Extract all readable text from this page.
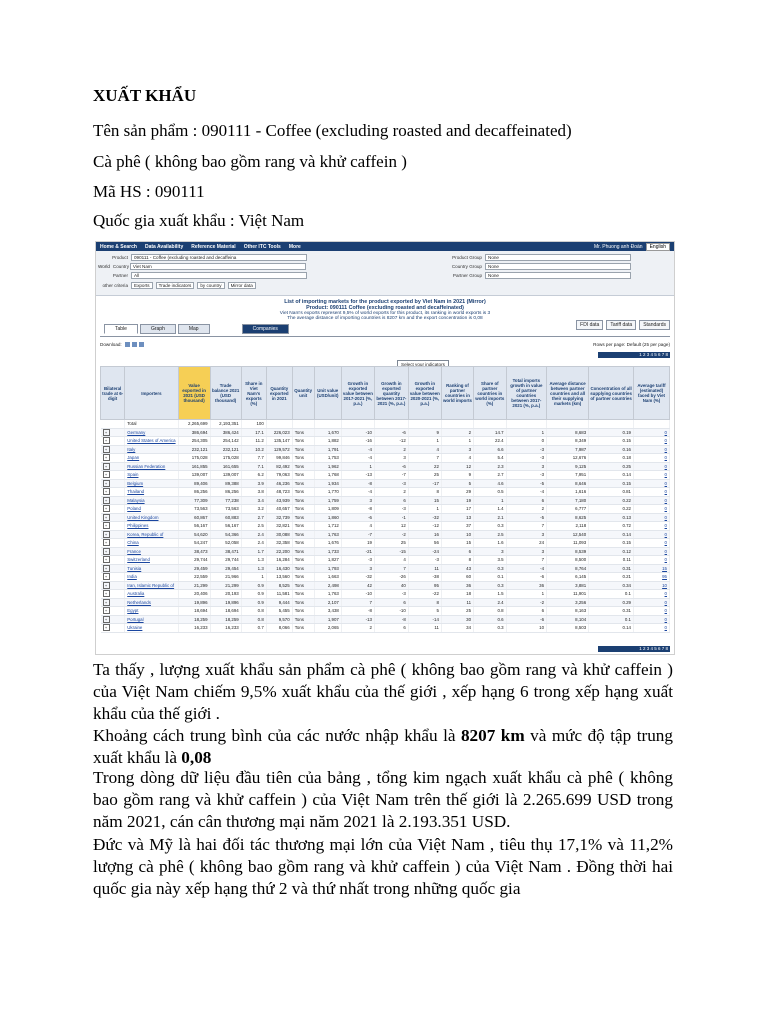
XUẤT KHẨU
Tên sản phẩm : 090111 - Coffee (excluding roasted and decaffeinated)
Cà phê ( không bao gồm rang và khử caffein )
Mã HS : 090111
Quốc gia xuất khẩu : Việt Nam
Home & Search Data Availability Reference Material Other ITC Tools More	Mr. Phuong anh Đoàn	English
Product	090111 - Coffee (excluding roasted and decaffeina
World Country Viet Nam
Partner	All
other criteria	Exports	Trade indicators	by country	Mirror data
Product Group	None
Country Group	None
Partner Group	None
List of importing markets for the product exported by Viet Nam in 2021 (Mirror)
Product: 090111 Coffee (excluding roasted and decaffeinated)
Viet Nam's exports represent 9,5% of world exports for this product, its ranking in world exports is 3
The average distance of importing countries is 8207 km and the export concentration is 0,08
Table	Graph	Map	Companies
FDI data	Tariff data	Standards
Download:	Rows per page: Default (25 per page)
1 2 3 4 5 6 7 8
Select your indicators
Bilateral trade at 6-digit	Importers	Value exported in 2021 (USD thousand)	Trade balance 2021 (USD thousand)	Share in Viet Nam's exports (%)	Quantity exported in 2021	Quantity unit	Unit value (USD/unit)	Growth in exported value between 2017-2021 (%, p.a.)	Growth in exported quantity between 2017-2021 (%, p.a.)	Growth in exported value between 2020-2021 (%, p.a.)	Ranking of partner countries in world imports	Share of partner countries in world imports (%)	Total imports growth in value of partner countries between 2017-2021 (%, p.a.)	Average distance between partner countries and all their supplying markets (km)	Concentration of all supplying countries of partner countries	Average tariff (estimated) faced by Viet Nam (%)
	Total	2,265,699	2,193,351	100												
+	Germany	386,694	386,424	17.1	226,023	Tons	1,670	-10	-6	9	2	14.7	1	8,683	0.19	0
+	United States of America	254,305	254,142	11.2	135,147	Tons	1,882	-16	-12	1	1	22.4	0	8,349	0.15	0
+	Italy	232,121	232,121	10.2	129,572	Tons	1,791	-4	2	4	3	6.6	-3	7,987	0.16	0
+	Japan	175,028	175,028	7.7	99,846	Tons	1,753	-4	3	7	4	5.4	-3	12,676	0.18	0
+	Russian Federation	161,855	161,655	7.1	82,492	Tons	1,962	1	-6	22	12	2.3	3	9,125	0.25	0
+	Spain	139,007	139,007	6.2	79,063	Tons	1,768	-13	-7	25	9	2.7	-3	7,951	0.14	0
+	Belgium	89,406	89,388	3.9	46,236	Tons	1,934	-8	-3	-17	5	4.6	-5	8,646	0.15	0
+	Thailand	86,256	86,256	3.8	48,723	Tons	1,770	-4	2	8	29	0.5	-4	1,616	0.81	0
+	Malaysia	77,309	77,238	3.4	43,939	Tons	1,759	3	6	15	19	1	6	7,180	0.22	0
+	Poland	73,563	73,563	3.2	40,657	Tons	1,809	-8	-3	1	17	1.4	2	6,777	0.22	0
+	United Kingdom	60,867	60,883	2.7	32,739	Tons	1,860	-6	-1	-32	13	2.1	-5	8,625	0.13	0
+	Philippines	56,167	56,167	2.5	32,821	Tons	1,712	4	12	-12	37	0.3	7	2,118	0.72	0
+	Korea, Republic of	54,620	54,366	2.4	30,088	Tons	1,763	-7	-2	16	10	2.5	3	12,540	0.14	0
+	China	54,247	52,058	2.4	32,358	Tons	1,676	19	25	56	15	1.6	24	11,093	0.15	0
+	France	38,473	38,471	1.7	22,200	Tons	1,733	-21	-15	-24	6	3	3	8,539	0.12	0
+	Switzerland	29,744	29,744	1.3	16,284	Tons	1,827	-3	4	-3	8	3.5	7	8,500	0.11	0
+	Tunisia	29,459	29,454	1.3	16,430	Tons	1,793	3	7	11	43	0.3	-4	8,764	0.31	15
+	India	22,559	21,966	1	13,560	Tons	1,663	-32	-26	-38	60	0.1	-6	6,145	0.21	95
+	Iran, Islamic Republic of	21,299	21,299	0.9	8,525	Tons	2,498	42	40	95	36	0.3	36	3,881	0.34	10
+	Australia	20,406	20,193	0.9	11,581	Tons	1,763	-10	-3	-22	18	1.5	1	11,901	0.1	0
+	Netherlands	19,896	19,896	0.9	9,444	Tons	2,107	7	6	8	11	2.4	-2	3,256	0.29	0
+	Egypt	18,694	18,694	0.8	5,455	Tons	3,438	-8	-10	5	25	0.8	6	8,163	0.31	0
+	Portugal	18,259	18,259	0.8	9,570	Tons	1,907	-13	-8	-14	30	0.6	-6	8,104	0.1	0
+	Ukraine	16,233	16,233	0.7	8,066	Tons	2,065	2	6	11	34	0.3	10	8,503	0.14	0
1 2 3 4 5 6 7 8
Ta thấy , lượng xuất khẩu sản phẩm cà phê ( không bao gồm rang và khử caffein ) của Việt Nam chiếm 9,5% xuất khẩu của thế giới , xếp hạng 6 trong xếp hạng xuất khẩu của thế giới .
Khoảng cách trung bình của các nước nhập khẩu là 8207 km và mức độ tập trung xuất khẩu là 0,08
Trong dòng dữ liệu đầu tiên của bảng , tổng kim ngạch xuất khẩu cà phê ( không bao gồm rang và khử caffein ) của Việt Nam trên thế giới là 2.265.699 USD trong năm 2021, cán cân thương mại năm 2021 là 2.193.351 USD.
Đức và Mỹ là hai đối tác thương mại lớn của Việt Nam , tiêu thụ 17,1% và 11,2% lượng cà phê ( không bao gồm rang và khử caffein ) của Việt Nam . Đồng thời hai quốc gia này xếp hạng thứ 2 và thứ nhất trong những quốc gia
